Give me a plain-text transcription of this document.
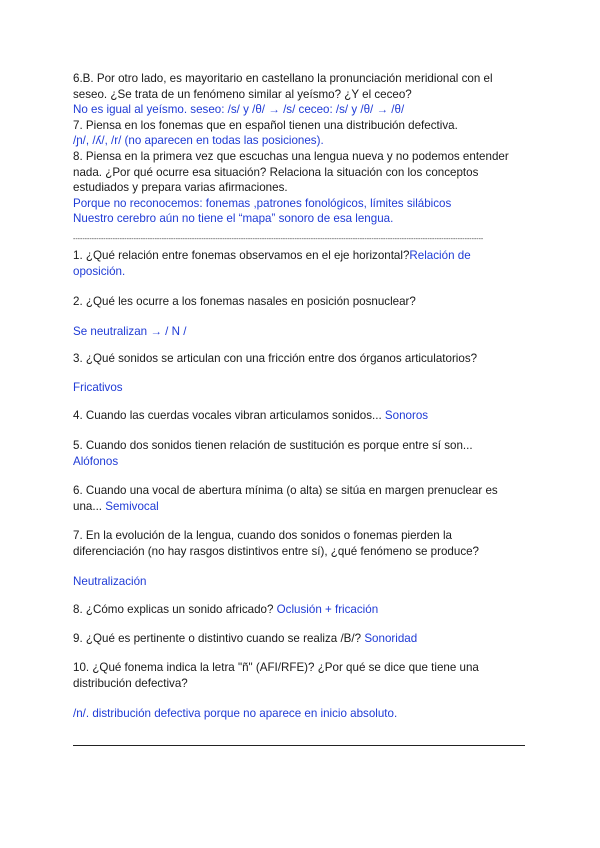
6.B. Por otro lado, es mayoritario en castellano la pronunciación meridional con el
seseo. ¿Se trata de un fenómeno similar al yeísmo? ¿Y el ceceo?
No es igual al yeísmo. seseo: /s/ y /θ/ → /s/ ceceo: /s/ y /θ/ → /θ/
7. Piensa en los fonemas que en español tienen una distribución defectiva.
/ɲ/, /ʎ/, /r/ (no aparecen en todas las posiciones).
8. Piensa en la primera vez que escuchas una lengua nueva y no podemos entender
nada. ¿Por qué ocurre esa situación? Relaciona la situación con los conceptos
estudiados y prepara varias afirmaciones.
Porque no reconocemos: fonemas ,patrones fonológicos, límites silábicos
Nuestro cerebro aún no tiene el “mapa” sonoro de esa lengua.

--------------------------------------------------------------------------------------------------------------------------------------------------------------------------------

1. ¿Qué relación entre fonemas observamos en el eje horizontal?Relación de
oposición.

2. ¿Qué les ocurre a los fonemas nasales en posición posnuclear?

Se neutralizan → / N /

3. ¿Qué sonidos se articulan con una fricción entre dos órganos articulatorios?

Fricativos

4. Cuando las cuerdas vocales vibran articulamos sonidos... Sonoros

5. Cuando dos sonidos tienen relación de sustitución es porque entre sí son...
Alófonos

6. Cuando una vocal de abertura mínima (o alta) se sitúa en margen prenuclear es
una... Semivocal

7. En la evolución de la lengua, cuando dos sonidos o fonemas pierden la
diferenciación (no hay rasgos distintivos entre sí), ¿qué fenómeno se produce?

Neutralización

8. ¿Cómo explicas un sonido africado? Oclusión + fricación

9. ¿Qué es pertinente o distintivo cuando se realiza /B/? Sonoridad

10. ¿Qué fonema indica la letra "ñ" (AFI/RFE)? ¿Por qué se dice que tiene una
distribución defectiva?

/n/. distribución defectiva porque no aparece en inicio absoluto.
